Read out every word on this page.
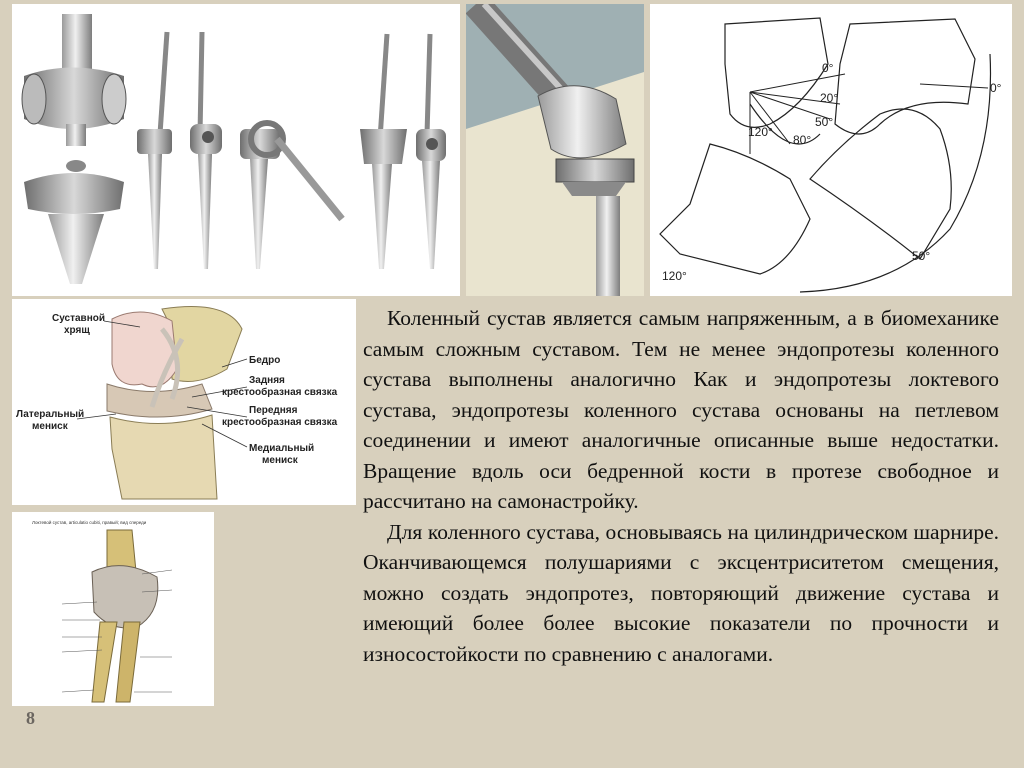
0°
20°
50°
80°
120°
0°
50°
120°
Суставной
хрящ
Бедро
Задняя
крестообразная связка
Передняя
крестообразная связка
Латеральный
мениск
Медиальный
мениск
Локтевой сустав, articulatio cubiti, правый; вид спереди

Коленный сустав является самым напряженным, а в биомеханике самым сложным суставом. Тем не менее эндопротезы коленного сустава выполнены аналогично Как и эндопротезы локтевого сустава, эндопротезы коленного сустава основаны на петлевом соединении и имеют аналогичные описанные выше недостатки. Вращение вдоль оси бедренной кости в протезе свободное и рассчитано на самонастройку.

Для коленного сустава, основываясь на цилиндрическом шарнире. Оканчивающемся полушариями с эксцентриситетом смещения, можно создать эндопротез, повторяющий движение сустава и имеющий более более высокие показатели по прочности и износостойкости по сравнению с аналогами.

8
